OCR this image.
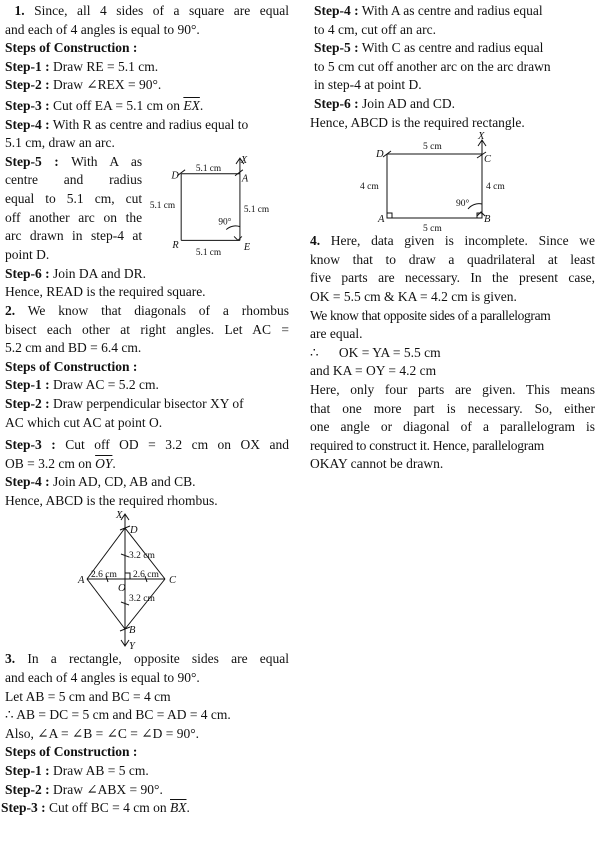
1. Since, all 4 sides of a square are equal
and each of 4 angles is equal to 90°.
Steps of Construction :
Step-1 : Draw RE = 5.1 cm.
Step-2 : Draw ∠REX = 90°.
Step-3 : Cut off EA = 5.1 cm on $\overline{EX}$.
Step-4 : With R as centre and radius equal to
5.1 cm, draw an arc.
Step-5 : With A as
centre and radius
equal to 5.1 cm, cut
off another arc on the
arc drawn in step-4 at
point D.
X
D	A
R	E
5.1 cm
5.1 cm	5.1 cm
5.1 cm
90°
Step-6 : Join DA and DR.
Hence, READ is the required square.
2. We know that diagonals of a rhombus
bisect each other at right angles. Let AC =
5.2 cm and BD = 6.4 cm.
Steps of Construction :
Step-1 : Draw AC = 5.2 cm.
Step-2 : Draw perpendicular bisector XY of
AC which cut AC at point O.
Step-3 : Cut off OD = 3.2 cm on OX and
OB = 3.2 cm on $\overline{OY}$.
Step-4 : Join AD, CD, AB and CB.
Hence, ABCD is the required rhombus.
X
D
A
O
C
B
Y
3.2 cm
3.2 cm
2.6 cm 2.6 cm
3. In a rectangle, opposite sides are equal
and each of 4 angles is equal to 90°.
Let AB = 5 cm and BC = 4 cm
∴ AB = DC = 5 cm and BC = AD = 4 cm.
Also, ∠A = ∠B = ∠C = ∠D = 90°.
Steps of Construction :
Step-1 : Draw AB = 5 cm.
Step-2 : Draw ∠ABX = 90°.
Step-3 : Cut off BC = 4 cm on $\overline{BX}$.
Step-4 : With A as centre and radius equal
to 4 cm, cut off an arc.
Step-5 : With C as centre and radius equal
to 5 cm cut off another arc on the arc drawn
in step-4 at point D.
Step-6 : Join AD and CD.
Hence, ABCD is the required rectangle.
X
D	C
A	B
5 cm
4 cm	4 cm
5 cm
90°
4. Here, data given is incomplete. Since we
know that to draw a quadrilateral at least
five parts are necessary. In the present case,
OK = 5.5 cm & KA = 4.2 cm is given.
We know that opposite sides of a parallelogram
are equal.
∴      OK = YA = 5.5 cm
and KA = OY = 4.2 cm
Here, only four parts are given. This means
that one more part is necessary. So, either
one angle or diagonal of a parallelogram is
required to construct it. Hence, parallelogram
OKAY cannot be drawn.
